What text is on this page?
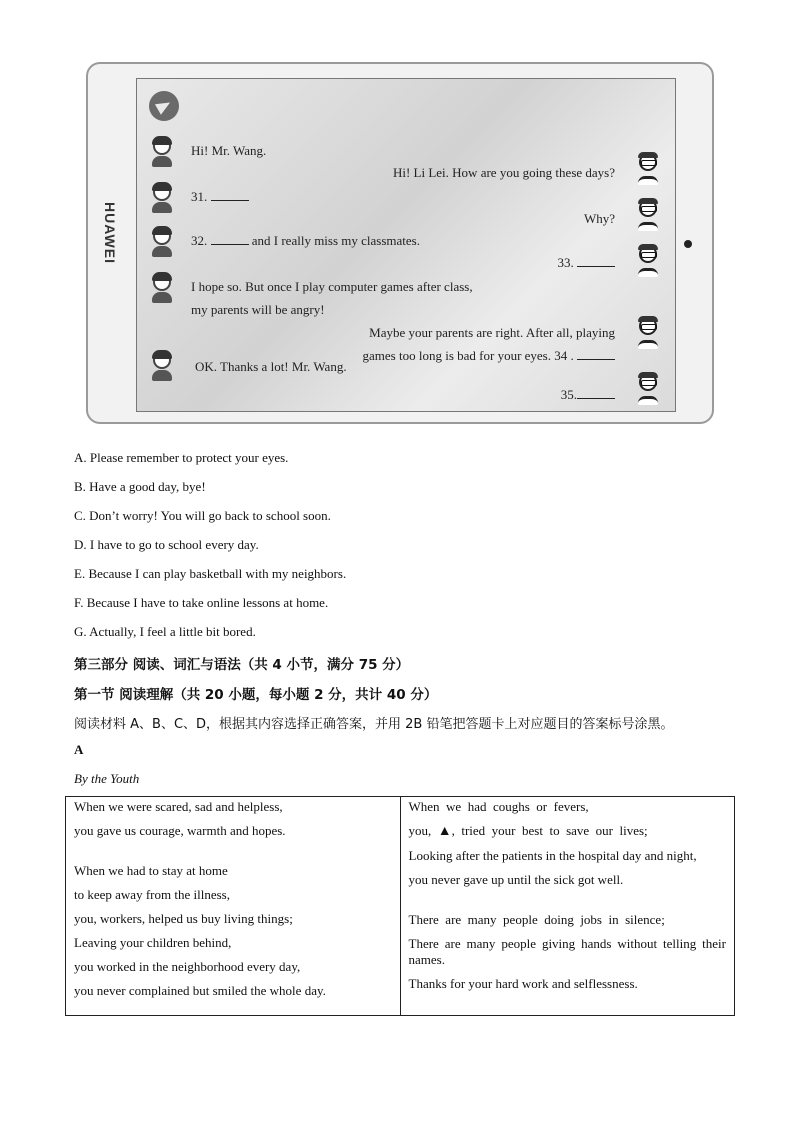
HUAWEI
Hi! Mr. Wang.
Hi! Li Lei. How are you going these days?
31.
Why?
32.	and I really miss my classmates.
33.
I hope so. But once I play computer games after class,
my parents will be angry!
Maybe your parents are right. After all, playing
games too long is bad for your eyes. 34 .
OK. Thanks a lot! Mr. Wang.
35.
A. Please remember to protect your eyes.
B. Have a good day, bye!
C. Don’t worry! You will go back to school soon.
D. I have to go to school every day.
E. Because I can play basketball with my neighbors.
F. Because I have to take online lessons at home.
G. Actually, I feel a little bit bored.
第三部分 阅读、词汇与语法（共 4 小节，满分 75 分）
第一节 阅读理解（共 20 小题，每小题 2 分，共计 40 分）
阅读材料 A、B、C、D，根据其内容选择正确答案，并用 2B 铅笔把答题卡上对应题目的答案标号涂黑。
A
By the Youth
When we were scared, sad and helpless,
you gave us courage, warmth and hopes.
When we had to stay at home
to keep away from the illness,
you, workers, helped us buy living things;
Leaving your children behind,
you worked in the neighborhood every day,
you never complained but smiled the whole day.

When  we  had  coughs  or  fevers,
you, ▲,  tried  your  best  to  save  our  lives;
Looking after the patients in the hospital day and night,
you never gave up until the sick got well.
There  are  many  people  doing  jobs  in  silence;
There are many people giving hands without telling their names.
Thanks for your hard work and selflessness.
